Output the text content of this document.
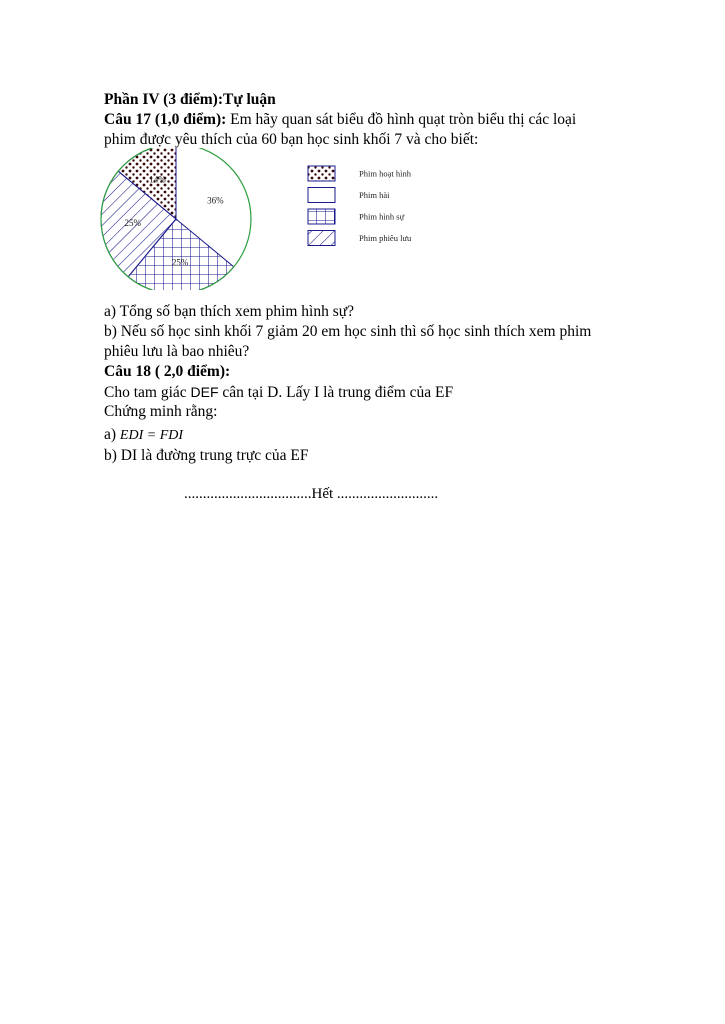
Phần IV (3 điểm):Tự luận
Câu 17 (1,0 điểm): Em hãy quan sát biểu đồ hình quạt tròn biểu thị các loại
phim được yêu thích của 60 bạn học sinh khối 7 và cho biết:
36%
25%
25%
14%
Phim hoạt hình
Phim hài
Phim hình sự
Phim phiêu lưu
a) Tổng số bạn thích xem phim hình sự?
b) Nếu số học sinh khối 7 giảm 20 em học sinh thì số học sinh thích xem phim
phiêu lưu là bao nhiêu?
Câu 18 ( 2,0 điểm):
Cho tam giác DEF cân tại D. Lấy I là trung điểm của EF
Chứng minh rằng:
a) EDI = FDI
b) DI là đường trung trực của EF
..................................Hết ...........................
